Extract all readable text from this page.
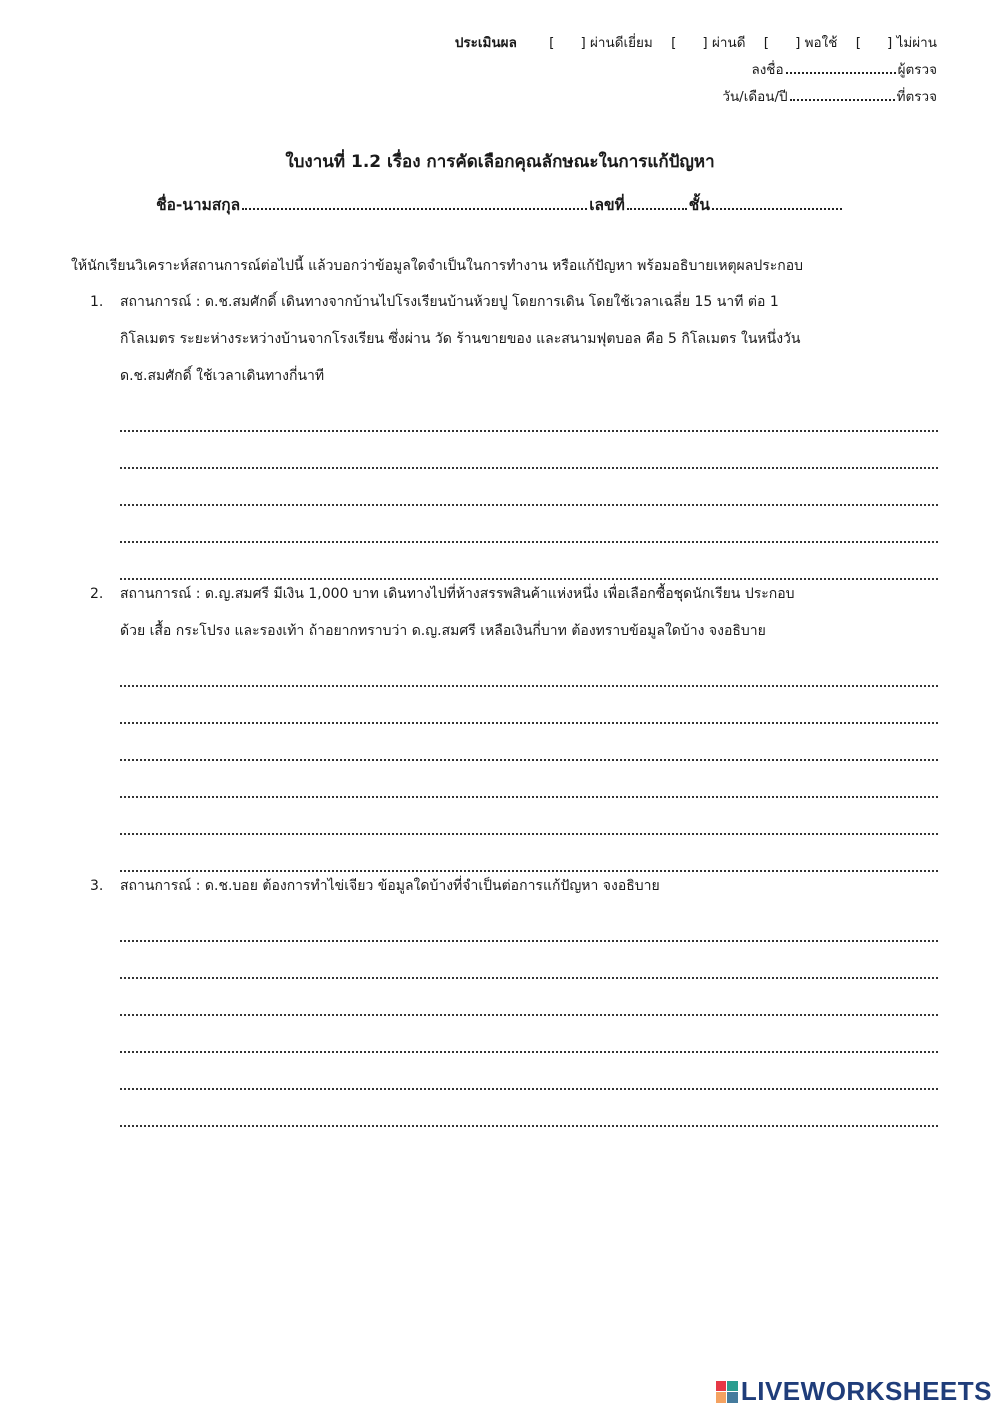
ประเมินผล [ ] ผ่านดีเยี่ยม [ ] ผ่านดี [ ] พอใช้ [ ] ไม่ผ่าน
ลงชื่อ	ผู้ตรวจ
วัน/เดือน/ปี	ที่ตรวจ
ใบงานที่ 1.2 เรื่อง การคัดเลือกคุณลักษณะในการแก้ปัญหา
ชื่อ-นามสกุล	เลขที่	ชั้น
ให้นักเรียนวิเคราะห์สถานการณ์ต่อไปนี้ แล้วบอกว่าข้อมูลใดจำเป็นในการทำงาน หรือแก้ปัญหา พร้อมอธิบายเหตุผลประกอบ
1. สถานการณ์ : ด.ช.สมศักดิ์ เดินทางจากบ้านไปโรงเรียนบ้านห้วยปู โดยการเดิน โดยใช้เวลาเฉลี่ย 15 นาที ต่อ 1
กิโลเมตร ระยะห่างระหว่างบ้านจากโรงเรียน ซึ่งผ่าน วัด ร้านขายของ และสนามฟุตบอล คือ 5 กิโลเมตร ในหนึ่งวัน
ด.ช.สมศักดิ์ ใช้เวลาเดินทางกี่นาที
2. สถานการณ์ : ด.ญ.สมศรี มีเงิน 1,000 บาท เดินทางไปที่ห้างสรรพสินค้าแห่งหนึ่ง เพื่อเลือกซื้อชุดนักเรียน ประกอบ
ด้วย เสื้อ กระโปรง และรองเท้า ถ้าอยากทราบว่า ด.ญ.สมศรี เหลือเงินกี่บาท ต้องทราบข้อมูลใดบ้าง จงอธิบาย
3. สถานการณ์ : ด.ช.บอย ต้องการทำไข่เจียว ข้อมูลใดบ้างที่จำเป็นต่อการแก้ปัญหา จงอธิบาย
LIVEWORKSHEETS
